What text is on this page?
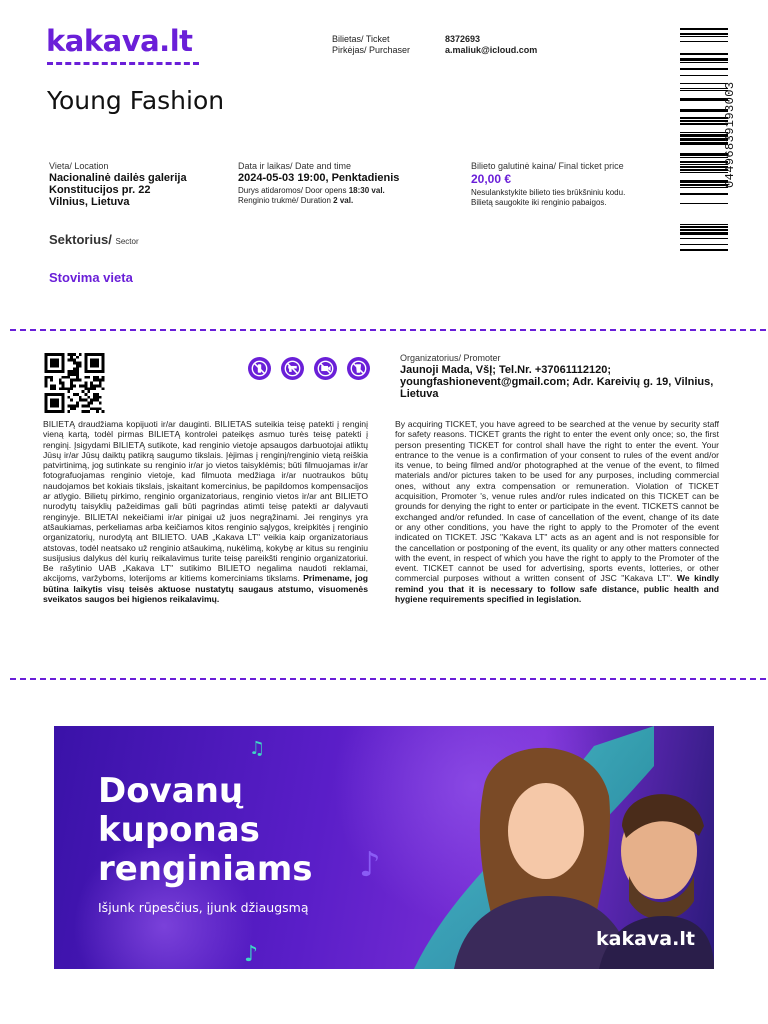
kakava.lt
Young Fashion
Bilietas/ Ticket
Pirkėjas/ Purchaser
8372693
a.maliuk@icloud.com
04496839193003
Vieta/ Location
Nacionalinė dailės galerija
Konstitucijos pr. 22
Vilnius, Lietuva
Data ir laikas/ Date and time
2024-05-03 19:00, Penktadienis
Durys atidaromos/ Door opens 18:30 val.
Renginio trukmė/ Duration 2 val.
Bilieto galutinė kaina/ Final ticket price
20,00 €
Nesulankstykite bilieto ties brūkšniniu kodu.
Bilietą saugokite iki renginio pabaigos.
Sektorius/ Sector
Stovima vieta
Organizatorius/ Promoter
Jaunoji Mada, VšĮ; Tel.Nr. +37061112120; youngfashionevent@gmail.com; Adr. Kareivių g. 19, Vilnius, Lietuva
BILIETĄ draudžiama kopijuoti ir/ar dauginti. BILIETAS suteikia teisę patekti į renginį vieną kartą, todėl pirmas BILIETĄ kontrolei pateikęs asmuo turės teisę patekti į renginį. Įsigydami BILIETĄ sutikote, kad renginio vietoje apsaugos darbuotojai atliktų Jūsų ir/ar Jūsų daiktų patikrą saugumo tikslais. Įėjimas į renginį/renginio vietą reiškia patvirtinimą, jog sutinkate su renginio ir/ar jo vietos taisyklėmis; būti filmuojamas ir/ar fotografuojamas renginio vietoje, kad filmuota medžiaga ir/ar nuotraukos būtų naudojamos bet kokiais tikslais, įskaitant komercinius, be papildomos kompensacijos ar atlygio. Bilietų pirkimo, renginio organizatoriaus, renginio vietos ir/ar ant BILIETO nurodytų taisyklių pažeidimas gali būti pagrindas atimti teisę patekti ar dalyvauti renginyje. BILIETAI nekeičiami ir/ar pinigai už juos negrąžinami. Jei renginys yra atšaukiamas, perkeliamas arba keičiamos kitos renginio sąlygos, kreipkitės į renginio organizatorių, nurodytą ant BILIETO. UAB „Kakava LT" veikia kaip organizatoriaus atstovas, todėl neatsako už renginio atšaukimą, nukėlimą, kokybę ar kitus su renginiu susijusius dalykus dėl kurių reikalavimus turite teisę pareikšti renginio organizatoriui. Be rašytinio UAB „Kakava LT" sutikimo BILIETO negalima naudoti reklamai, akcijoms, varžyboms, loterijoms ar kitiems komerciniams tikslams. Primename, jog būtina laikytis visų teisės aktuose nustatytų saugaus atstumo, visuomenės sveikatos saugos bei higienos reikalavimų.
By acquiring TICKET, you have agreed to be searched at the venue by security staff for safety reasons. TICKET grants the right to enter the event only once; so, the first person presenting TICKET for control shall have the right to enter the event. Your entrance to the venue is a confirmation of your consent to rules of the event and/or its venue, to being filmed and/or photographed at the venue of the event, to filmed materials and/or pictures taken to be used for any purposes, including commercial ones, without any extra compensation or remuneration. Violation of TICKET acquisition, Promoter 's, venue rules and/or rules indicated on this TICKET can be grounds for denying the right to enter or participate in the event. TICKETS cannot be exchanged and/or refunded. In case of cancellation of the event, change of its date or any other conditions, you have the right to apply to the Promoter of the event indicated on TICKET. JSC "Kakava LT" acts as an agent and is not responsible for the cancellation or postponing of the event, its quality or any other matters connected with the event, in respect of which you have the right to apply to the Promoter of the event. TICKET cannot be used for advertising, sports events, lotteries, or other commercial purposes without a written consent of JSC "Kakava LT". We kindly remind you that it is necessary to follow safe distance, public health and hygiene requirements specified in legislation.
♫
♪
♪
Dovanų
kuponas
renginiams
Išjunk rūpesčius, įjunk džiaugsmą
kakava.lt
